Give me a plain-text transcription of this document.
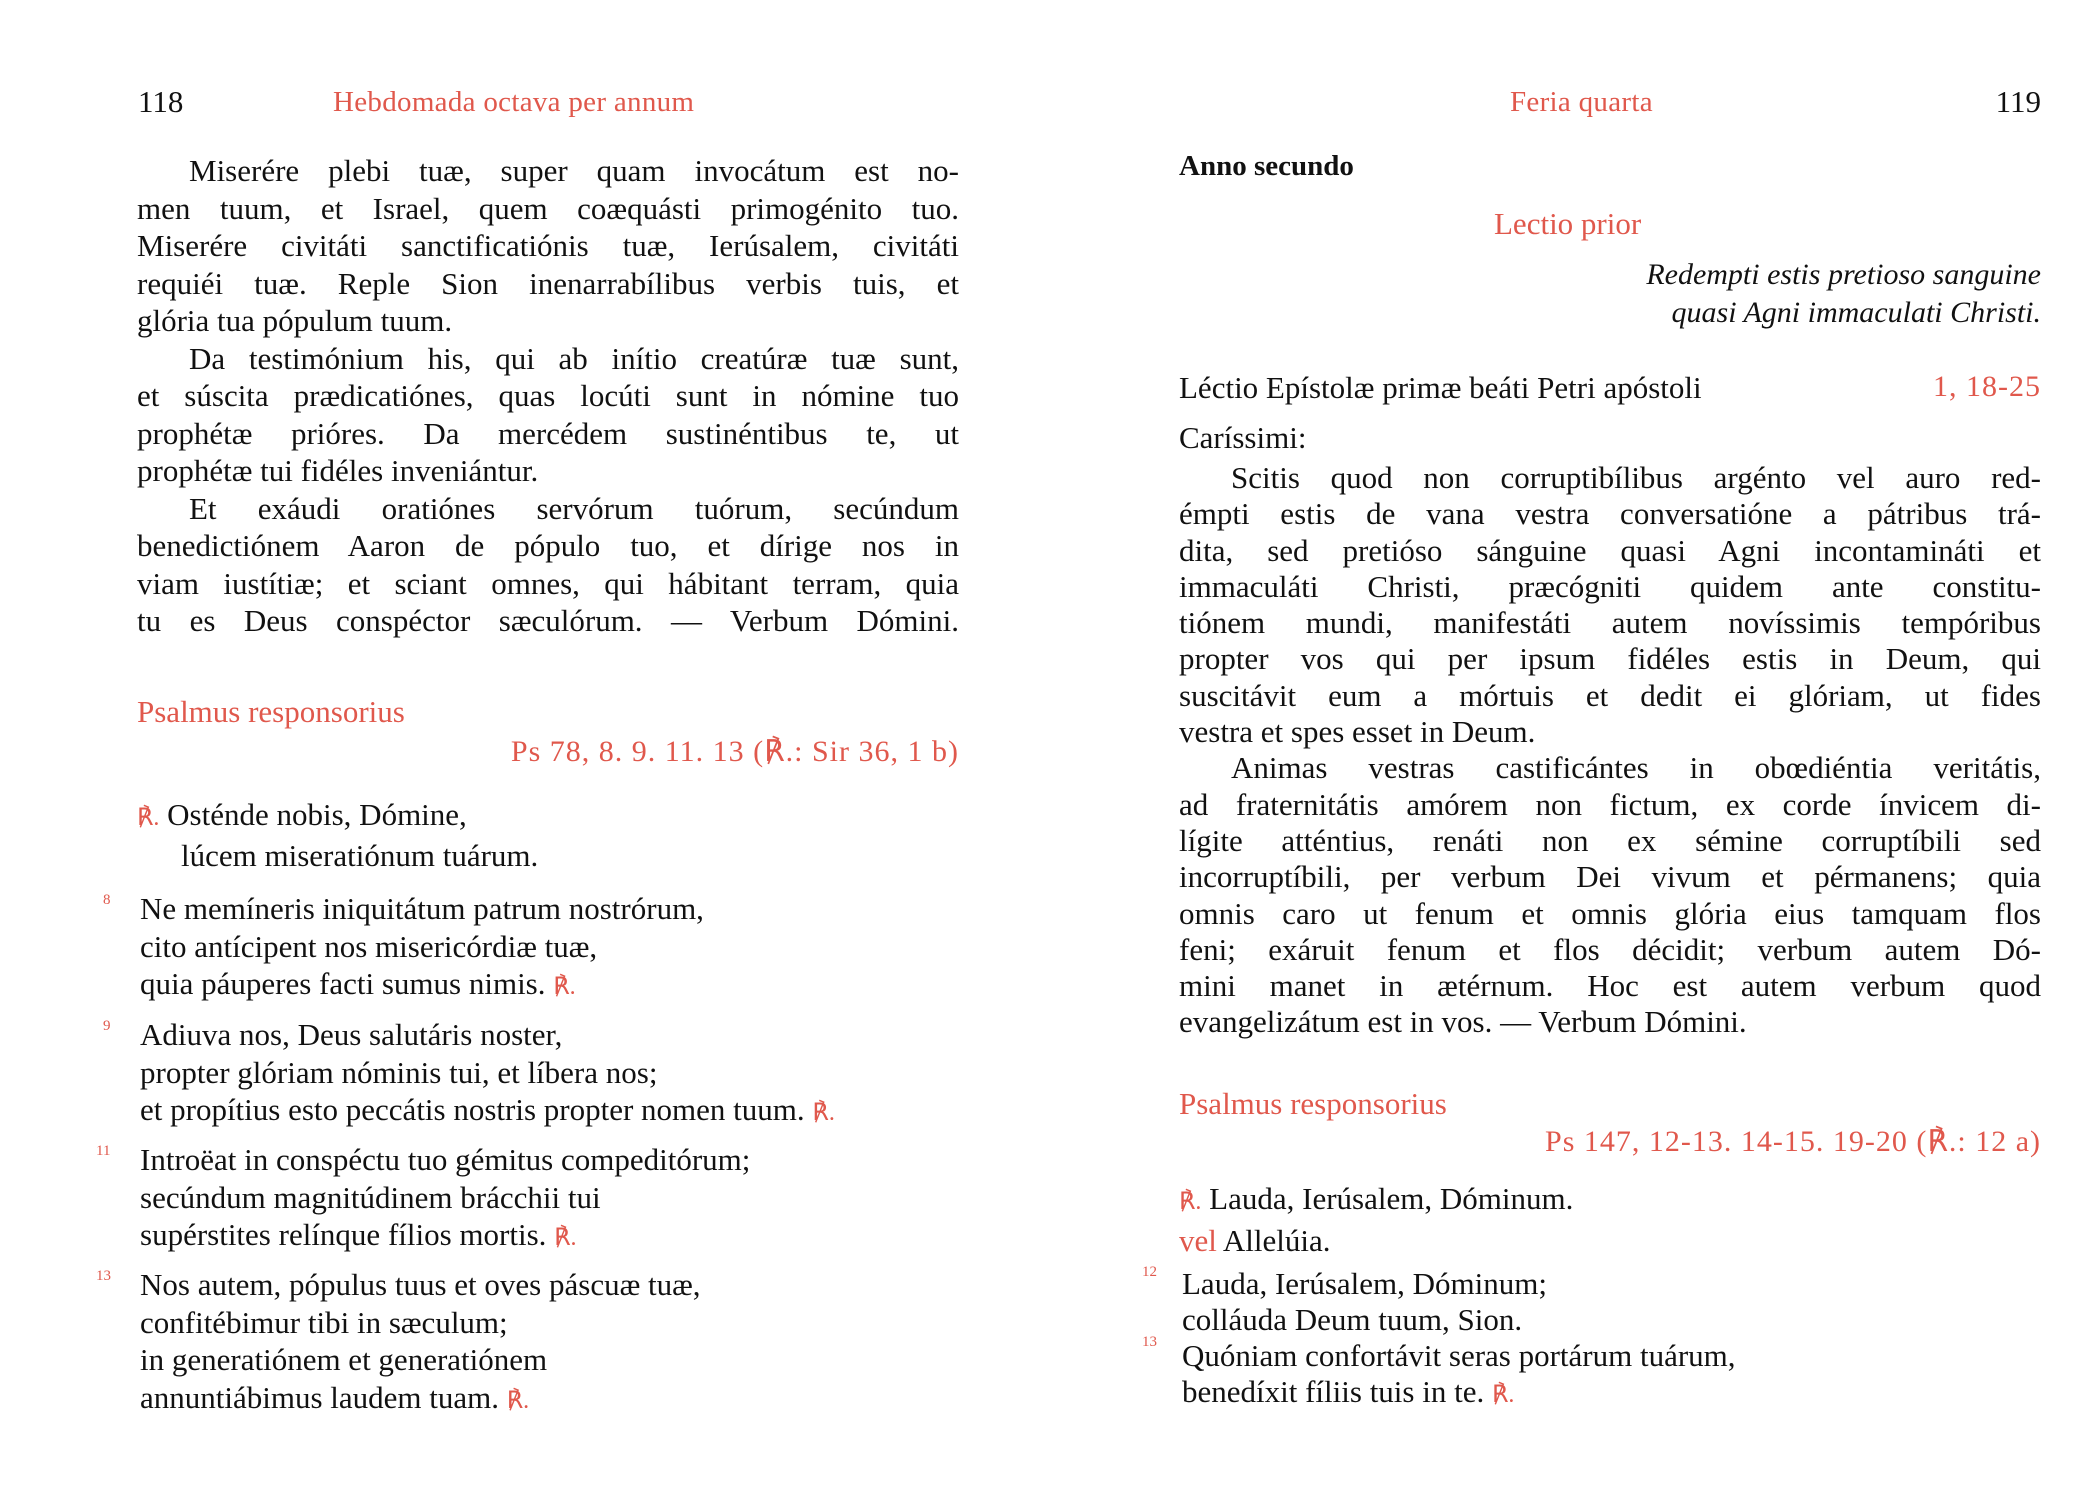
118	Hebdomada octava per annum

Miserére plebi tuæ, super quam invocátum est no-
men tuum, et Israel, quem coæquásti primogénito tuo.
Miserére civitáti sanctificatiónis tuæ, Ierúsalem, civitáti
requiéi tuæ. Reple Sion inenarrabílibus verbis tuis, et
glória tua pópulum tuum.

Da testimónium his, qui ab inítio creatúræ tuæ sunt,
et súscita prædicatiónes, quas locúti sunt in nómine tuo
prophétæ prióres. Da mercédem sustinéntibus te, ut
prophétæ tui fidéles inveniántur.

Et exáudi oratiónes servórum tuórum, secúndum
benedictiónem Aaron de pópulo tuo, et dírige nos in
viam iustítiæ; et sciant omnes, qui hábitant terram, quia
tu es Deus conspéctor sæculórum. — Verbum Dómini.

Psalmus responsorius
Ps 78, 8. 9. 11. 13 (℟.: Sir 36, 1 b)
℟. Osténde nobis, Dómine,
lúcem miseratiónum tuárum.
8 Ne memíneris iniquitátum patrum nostrórum,
cito antícipent nos misericórdiæ tuæ,
quia páuperes facti sumus nimis. ℟.
9 Adiuva nos, Deus salutáris noster,
propter glóriam nóminis tui, et líbera nos;
et propítius esto peccátis nostris propter nomen tuum. ℟.
11 Introëat in conspéctu tuo gémitus compeditórum;
secúndum magnitúdinem brácchii tui
supérstites relínque fílios mortis. ℟.
13 Nos autem, pópulus tuus et oves páscuæ tuæ,
confitébimur tibi in sæculum;
in generatiónem et generatiónem
annuntiábimus laudem tuam. ℟.
Feria quarta	119
Anno secundo
Lectio prior
Redempti estis pretioso sanguine
quasi Agni immaculati Christi.
Léctio Epístolæ primæ beáti Petri apóstoli	1, 18-25
Caríssimi:

Scitis quod non corruptibílibus argénto vel auro red-
émpti estis de vana vestra conversatióne a pátribus trá-
dita, sed pretióso sánguine quasi Agni incontamináti et
immaculáti Christi, præcógniti quidem ante constitu-
tiónem mundi, manifestáti autem novíssimis tempóribus
propter vos qui per ipsum fidéles estis in Deum, qui
suscitávit eum a mórtuis et dedit ei glóriam, ut fides
vestra et spes esset in Deum.

Animas vestras castificántes in obœdiéntia veritátis,
ad fraternitátis amórem non fictum, ex corde ínvicem di-
lígite atténtius, renáti non ex sémine corruptíbili sed
incorruptíbili, per verbum Dei vivum et pérmanens; quia
omnis caro ut fenum et omnis glória eius tamquam flos
feni; exáruit fenum et flos décidit; verbum autem Dó-
mini manet in ætérnum. Hoc est autem verbum quod
evangelizátum est in vos. — Verbum Dómini.

Psalmus responsorius
Ps 147, 12-13. 14-15. 19-20 (℟.: 12 a)
℟. Lauda, Ierúsalem, Dóminum.
vel Allelúia.
12 Lauda, Ierúsalem, Dóminum;
colláuda Deum tuum, Sion.
13 Quóniam confortávit seras portárum tuárum,
benedíxit fíliis tuis in te. ℟.
